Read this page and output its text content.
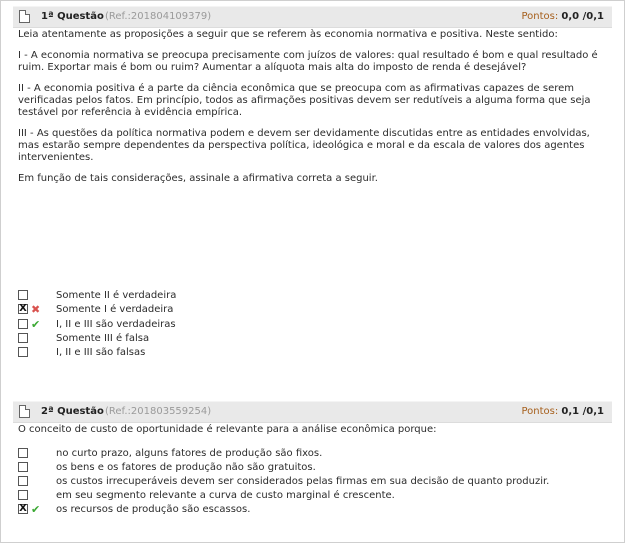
1ª Questão (Ref.:201804109379)	Pontos: 0,0 /0,1

Leia atentamente as proposições a seguir que se referem às economia normativa e positiva. Neste sentido:

I - A economia normativa se preocupa precisamente com juízos de valores: qual resultado é bom e qual resultado é ruim. Exportar mais é bom ou ruim? Aumentar a alíquota mais alta do imposto de renda é desejável?

II - A economia positiva é a parte da ciência econômica que se preocupa com as afirmativas capazes de serem verificadas pelos fatos. Em princípio, todos as afirmações positivas devem ser redutíveis a alguma forma que seja testável por referência à evidência empírica.

III - As questões da política normativa podem e devem ser devidamente discutidas entre as entidades envolvidas, mas estarão sempre dependentes da perspectiva política, ideológica e moral e da escala de valores dos agentes intervenientes.

Em função de tais considerações, assinale a afirmativa correta a seguir.

Somente II é verdadeira
X ✖ Somente I é verdadeira
✔ I, II e III são verdadeiras
Somente III é falsa
I, II e III são falsas
2ª Questão (Ref.:201803559254)	Pontos: 0,1 /0,1

O conceito de custo de oportunidade é relevante para a análise econômica porque:

no curto prazo, alguns fatores de produção são fixos.
os bens e os fatores de produção não são gratuitos.
os custos irrecuperáveis devem ser considerados pelas firmas em sua decisão de quanto produzir.
em seu segmento relevante a curva de custo marginal é crescente.
X ✔ os recursos de produção são escassos.
